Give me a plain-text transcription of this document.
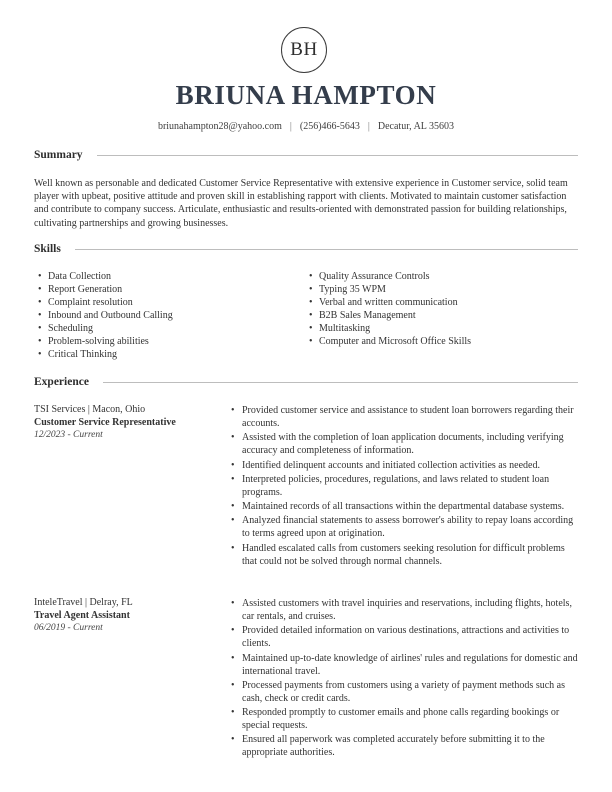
BH
BRIUNA HAMPTON
briunahampton28@yahoo.com | (256)466-5643 | Decatur, AL 35603
Summary
Well known as personable and dedicated Customer Service Representative with extensive experience in Customer service, solid team player with upbeat, positive attitude and proven skill in establishing rapport with clients. Motivated to maintain customer satisfaction and contribute to company success. Articulate, enthusiastic and results-oriented with demonstrated passion for building relationships, cultivating partnerships and growing businesses.
Skills
• Data Collection
• Report Generation
• Complaint resolution
• Inbound and Outbound Calling
• Scheduling
• Problem-solving abilities
• Critical Thinking
• Quality Assurance Controls
• Typing 35 WPM
• Verbal and written communication
• B2B Sales Management
• Multitasking
• Computer and Microsoft Office Skills
Experience
TSI Services | Macon, Ohio
Customer Service Representative
12/2023 - Current
• Provided customer service and assistance to student loan borrowers regarding their accounts.
• Assisted with the completion of loan application documents, including verifying accuracy and completeness of information.
• Identified delinquent accounts and initiated collection activities as needed.
• Interpreted policies, procedures, regulations, and laws related to student loan programs.
• Maintained records of all transactions within the departmental database systems.
• Analyzed financial statements to assess borrower's ability to repay loans according to terms agreed upon at origination.
• Handled escalated calls from customers seeking resolution for difficult problems that could not be solved through normal channels.
InteleTravel | Delray, FL
Travel Agent Assistant
06/2019 - Current
• Assisted customers with travel inquiries and reservations, including flights, hotels, car rentals, and cruises.
• Provided detailed information on various destinations, attractions and activities to clients.
• Maintained up-to-date knowledge of airlines' rules and regulations for domestic and international travel.
• Processed payments from customers using a variety of payment methods such as cash, check or credit cards.
• Responded promptly to customer emails and phone calls regarding bookings or special requests.
• Ensured all paperwork was completed accurately before submitting it to the appropriate authorities.
